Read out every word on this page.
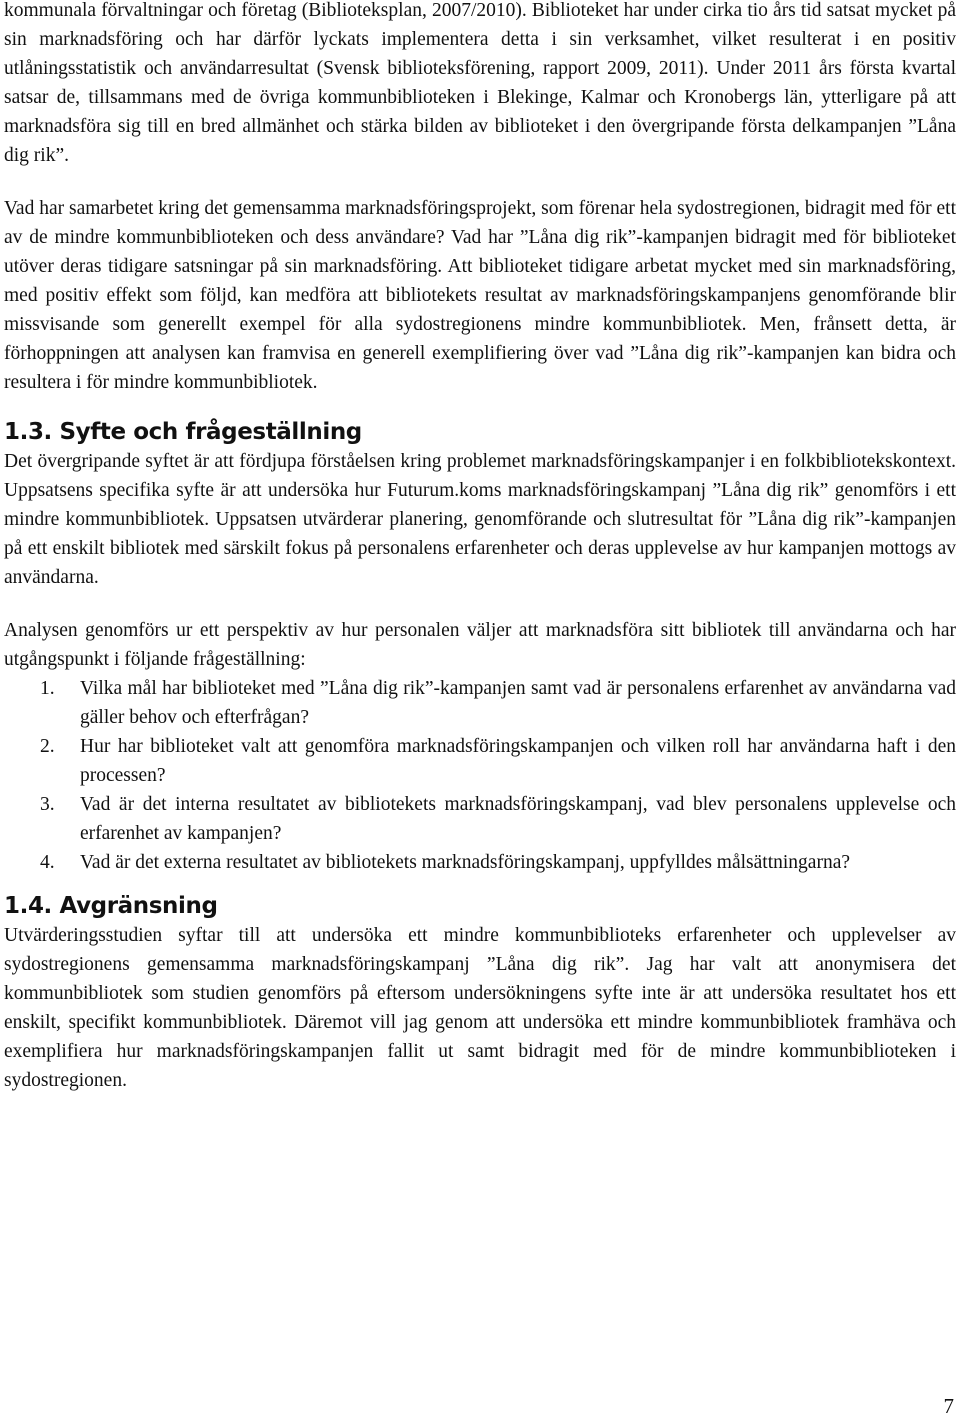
kommunala förvaltningar och företag (Biblioteksplan, 2007/2010). Biblioteket har under cirka tio års tid satsat mycket på sin marknadsföring och har därför lyckats implementera detta i sin verksamhet, vilket resulterat i en positiv utlåningsstatistik och användarresultat (Svensk biblioteksförening, rapport 2009, 2011). Under 2011 års första kvartal satsar de, tillsammans med de övriga kommunbiblioteken i Blekinge, Kalmar och Kronobergs län, ytterligare på att marknadsföra sig till en bred allmänhet och stärka bilden av biblioteket i den övergripande första delkampanjen ”Låna dig rik”.

Vad har samarbetet kring det gemensamma marknadsföringsprojekt, som förenar hela sydostregionen, bidragit med för ett av de mindre kommunbiblioteken och dess användare? Vad har ”Låna dig rik”-kampanjen bidragit med för biblioteket utöver deras tidigare satsningar på sin marknadsföring. Att biblioteket tidigare arbetat mycket med sin marknadsföring, med positiv effekt som följd, kan medföra att bibliotekets resultat av marknadsföringskampanjens genomförande blir missvisande som generellt exempel för alla sydostregionens mindre kommunbibliotek. Men, frånsett detta, är förhoppningen att analysen kan framvisa en generell exemplifiering över vad ”Låna dig rik”-kampanjen kan bidra och resultera i för mindre kommunbibliotek.

1.3. Syfte och frågeställning

Det övergripande syftet är att fördjupa förståelsen kring problemet marknadsföringskampanjer i en folkbibliotekskontext. Uppsatsens specifika syfte är att undersöka hur Futurum.koms marknadsföringskampanj ”Låna dig rik” genomförs i ett mindre kommunbibliotek. Uppsatsen utvärderar planering, genomförande och slutresultat för ”Låna dig rik”-kampanjen på ett enskilt bibliotek med särskilt fokus på personalens erfarenheter och deras upplevelse av hur kampanjen mottogs av användarna.

Analysen genomförs ur ett perspektiv av hur personalen väljer att marknadsföra sitt bibliotek till användarna och har utgångspunkt i följande frågeställning:

1. Vilka mål har biblioteket med ”Låna dig rik”-kampanjen samt vad är personalens erfarenhet av användarna vad gäller behov och efterfrågan?
2. Hur har biblioteket valt att genomföra marknadsföringskampanjen och vilken roll har användarna haft i den processen?
3. Vad är det interna resultatet av bibliotekets marknadsföringskampanj, vad blev personalens upplevelse och erfarenhet av kampanjen?
4. Vad är det externa resultatet av bibliotekets marknadsföringskampanj, uppfylldes målsättningarna?
1.4. Avgränsning

Utvärderingsstudien syftar till att undersöka ett mindre kommunbiblioteks erfarenheter och upplevelser av sydostregionens gemensamma marknadsföringskampanj ”Låna dig rik”. Jag har valt att anonymisera det kommunbibliotek som studien genomförs på eftersom undersökningens syfte inte är att undersöka resultatet hos ett enskilt, specifikt kommunbibliotek. Däremot vill jag genom att undersöka ett mindre kommunbibliotek framhäva och exemplifiera hur marknadsföringskampanjen fallit ut samt bidragit med för de mindre kommunbiblioteken i sydostregionen.

7
